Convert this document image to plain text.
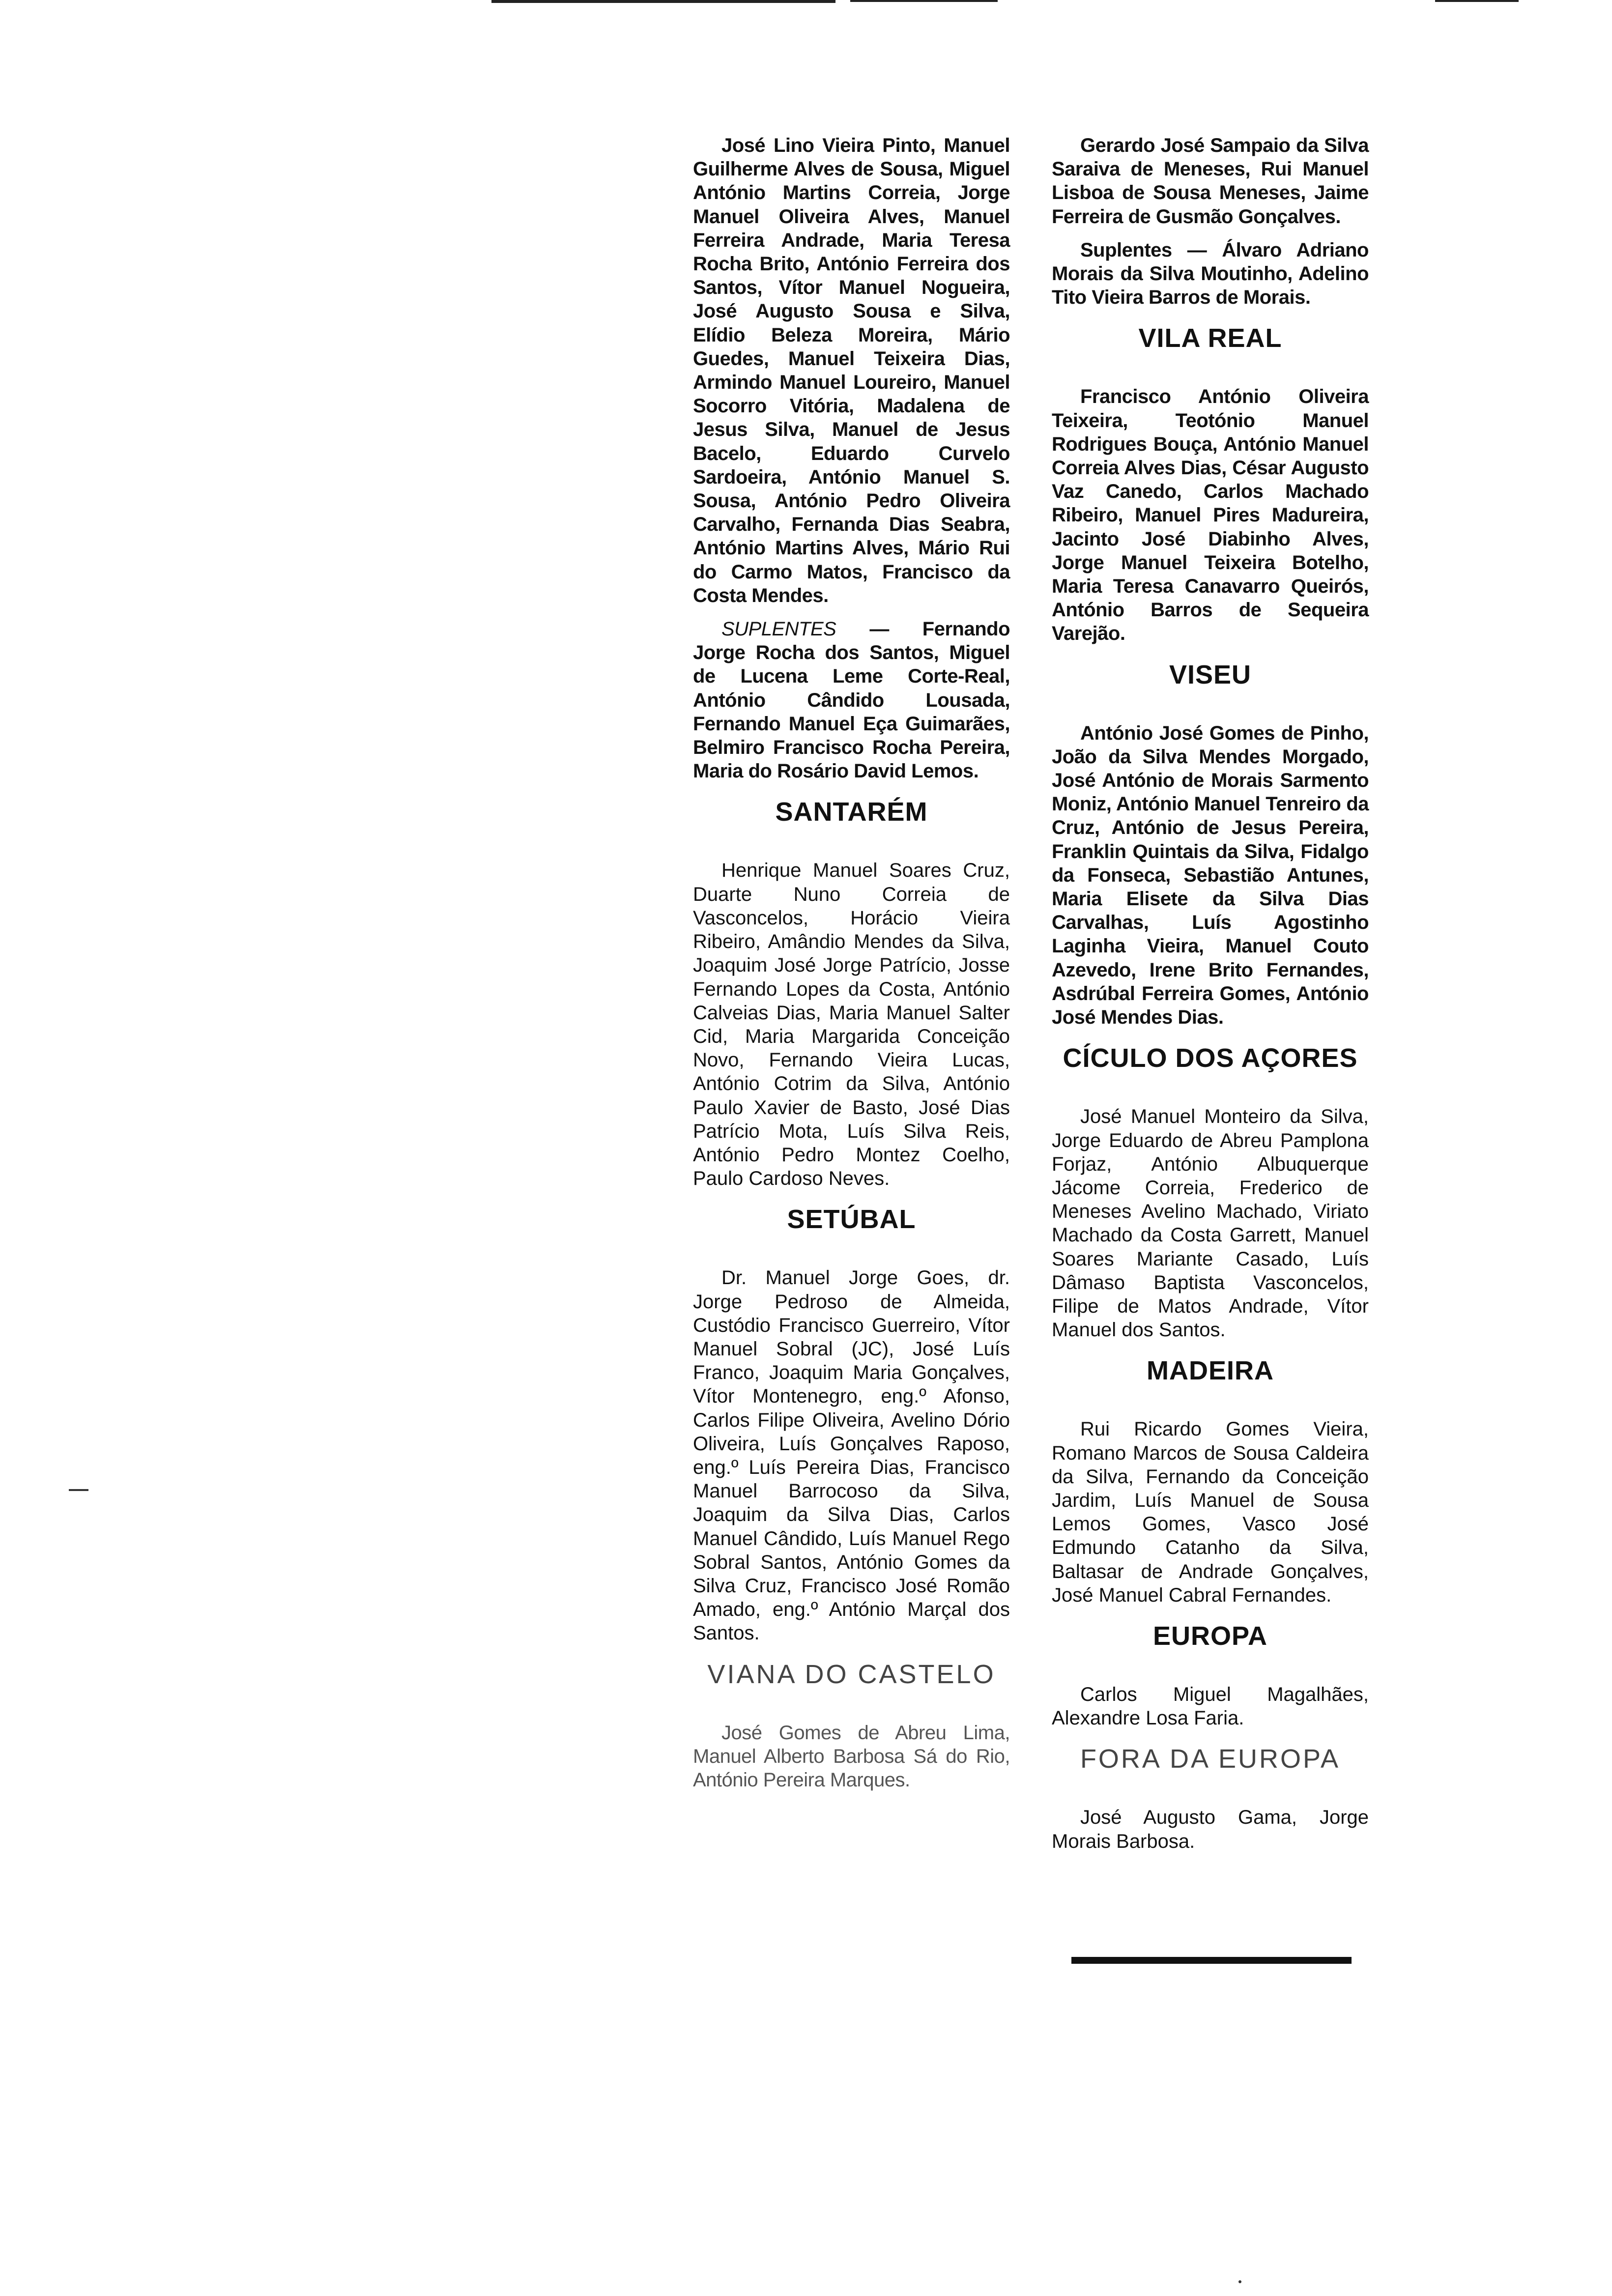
José Lino Vieira Pinto, Manuel Guilherme Alves de Sousa, Miguel António Martins Correia, Jorge Manuel Oliveira Alves, Manuel Ferreira Andrade, Maria Teresa Rocha Brito, António Ferreira dos Santos, Vítor Manuel Nogueira, José Augusto Sousa e Silva, Elídio Beleza Moreira, Mário Guedes, Manuel Teixeira Dias, Armindo Manuel Loureiro, Manuel Socorro Vitória, Madalena de Jesus Silva, Manuel de Jesus Bacelo, Eduardo Curvelo Sardoeira, António Manuel S. Sousa, António Pedro Oliveira Carvalho, Fernanda Dias Seabra, António Martins Alves, Mário Rui do Carmo Matos, Francisco da Costa Mendes.

SUPLENTES — Fernando Jorge Rocha dos Santos, Miguel de Lucena Leme Corte-Real, António Cândido Lousada, Fernando Manuel Eça Guimarães, Belmiro Francisco Rocha Pereira, Maria do Rosário David Lemos.

SANTARÉM

Henrique Manuel Soares Cruz, Duarte Nuno Correia de Vasconcelos, Horácio Vieira Ribeiro, Amândio Mendes da Silva, Joaquim José Jorge Patrício, Josse Fernando Lopes da Costa, António Calveias Dias, Maria Manuel Salter Cid, Maria Margarida Conceição Novo, Fernando Vieira Lucas, António Cotrim da Silva, António Paulo Xavier de Basto, José Dias Patrício Mota, Luís Silva Reis, António Pedro Montez Coelho, Paulo Cardoso Neves.

SETÚBAL

Dr. Manuel Jorge Goes, dr. Jorge Pedroso de Almeida, Custódio Francisco Guerreiro, Vítor Manuel Sobral (JC), José Luís Franco, Joaquim Maria Gonçalves, Vítor Montenegro, eng.º Afonso, Carlos Filipe Oliveira, Avelino Dório Oliveira, Luís Gonçalves Raposo, eng.º Luís Pereira Dias, Francisco Manuel Barrocoso da Silva, Joaquim da Silva Dias, Carlos Manuel Cândido, Luís Manuel Rego Sobral Santos, António Gomes da Silva Cruz, Francisco José Romão Amado, eng.º António Marçal dos Santos.

VIANA DO CASTELO

José Gomes de Abreu Lima, Manuel Alberto Barbosa Sá do Rio, António Pereira Marques.

Gerardo José Sampaio da Silva Saraiva de Meneses, Rui Manuel Lisboa de Sousa Meneses, Jaime Ferreira de Gusmão Gonçalves.

Suplentes — Álvaro Adriano Morais da Silva Moutinho, Adelino Tito Vieira Barros de Morais.

VILA REAL

Francisco António Oliveira Teixeira, Teotónio Manuel Rodrigues Bouça, António Manuel Correia Alves Dias, César Augusto Vaz Canedo, Carlos Machado Ribeiro, Manuel Pires Madureira, Jacinto José Diabinho Alves, Jorge Manuel Teixeira Botelho, Maria Teresa Canavarro Queirós, António Barros de Sequeira Varejão.

VISEU

António José Gomes de Pinho, João da Silva Mendes Morgado, José António de Morais Sarmento Moniz, António Manuel Tenreiro da Cruz, António de Jesus Pereira, Franklin Quintais da Silva, Fidalgo da Fonseca, Sebastião Antunes, Maria Elisete da Silva Dias Carvalhas, Luís Agostinho Laginha Vieira, Manuel Couto Azevedo, Irene Brito Fernandes, Asdrúbal Ferreira Gomes, António José Mendes Dias.

CÍCULO DOS AÇORES

José Manuel Monteiro da Silva, Jorge Eduardo de Abreu Pamplona Forjaz, António Albuquerque Jácome Correia, Frederico de Meneses Avelino Machado, Viriato Machado da Costa Garrett, Manuel Soares Mariante Casado, Luís Dâmaso Baptista Vasconcelos, Filipe de Matos Andrade, Vítor Manuel dos Santos.

MADEIRA

Rui Ricardo Gomes Vieira, Romano Marcos de Sousa Caldeira da Silva, Fernando da Conceição Jardim, Luís Manuel de Sousa Lemos Gomes, Vasco José Edmundo Catanho da Silva, Baltasar de Andrade Gonçalves, José Manuel Cabral Fernandes.

EUROPA

Carlos Miguel Magalhães, Alexandre Losa Faria.

FORA DA EUROPA

José Augusto Gama, Jorge Morais Barbosa.
